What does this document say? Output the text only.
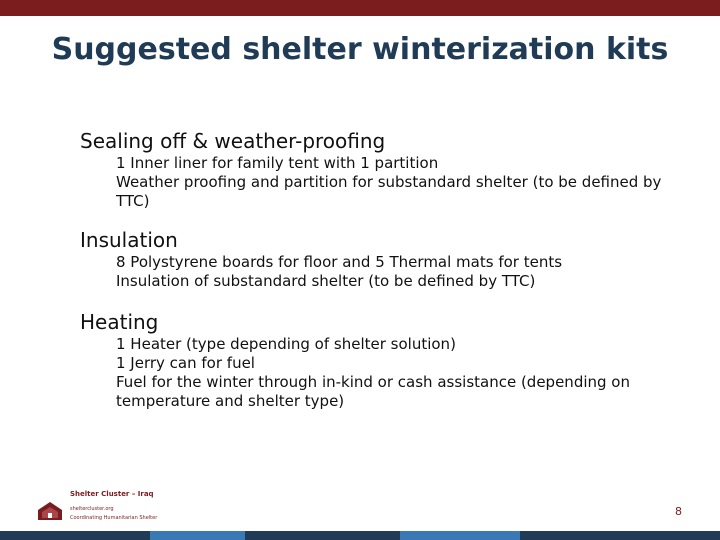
Suggested shelter winterization kits

Sealing off & weather-proofing

1 Inner liner for family tent with 1 partition
Weather proofing and partition for substandard shelter (to be defined by TTC)

Insulation

8 Polystyrene boards for floor and 5 Thermal mats for tents
Insulation of substandard shelter (to be defined by TTC)

Heating

1 Heater (type depending of shelter solution)
1 Jerry can for fuel
Fuel for the winter through in-kind or cash assistance (depending on temperature and shelter type)
Shelter Cluster – Iraq
sheltercluster.org
Coordinating Humanitarian Shelter	8
